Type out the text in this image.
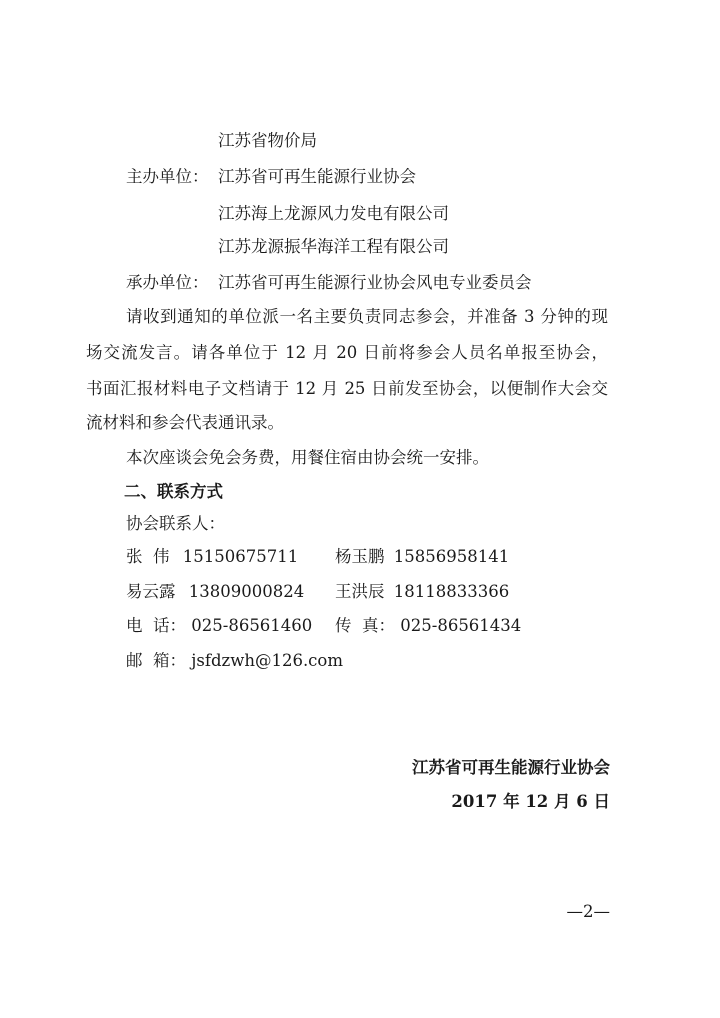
江苏省物价局
主办单位： 江苏省可再生能源行业协会
江苏海上龙源风力发电有限公司
江苏龙源振华海洋工程有限公司
承办单位： 江苏省可再生能源行业协会风电专业委员会
请收到通知的单位派一名主要负责同志参会，并准备 3 分钟的现
场交流发言。请各单位于 12 月 20 日前将参会人员名单报至协会，
书面汇报材料电子文档请于 12 月 25 日前发至协会，以便制作大会交
流材料和参会代表通讯录。
本次座谈会免会务费，用餐住宿由协会统一安排。
二、联系方式
协会联系人：
张  伟 15150675711 杨玉鹏 15856958141
易云露 13809000824 王洪辰 18118833366
电  话： 025-86561460 传  真： 025-86561434
邮  箱： jsfdzwh@126.com
江苏省可再生能源行业协会
2017 年 12 月 6 日
—2—
